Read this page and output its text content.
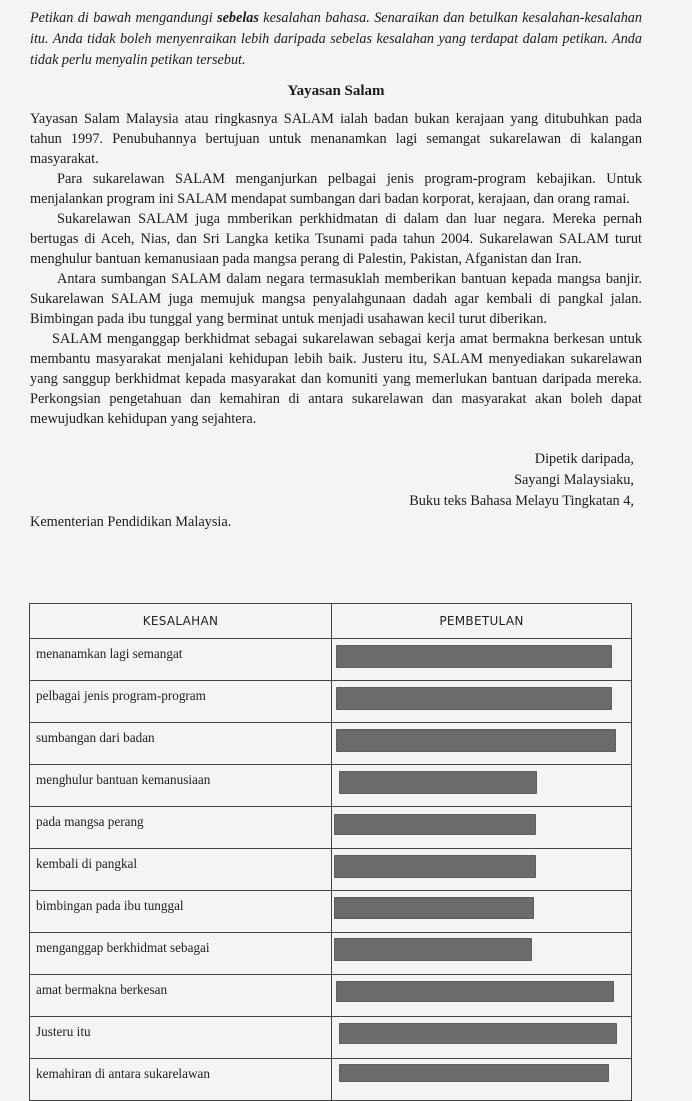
Petikan di bawah mengandungi sebelas kesalahan bahasa. Senaraikan dan betulkan kesalahan-kesalahan itu. Anda tidak boleh menyenraikan lebih daripada sebelas kesalahan yang terdapat dalam petikan. Anda tidak perlu menyalin petikan tersebut.

Yayasan Salam

Yayasan Salam Malaysia atau ringkasnya SALAM ialah badan bukan kerajaan yang ditubuhkan pada tahun 1997. Penubuhannya bertujuan untuk menanamkan lagi semangat sukarelawan di kalangan masyarakat.

Para sukarelawan SALAM menganjurkan pelbagai jenis program-program kebajikan. Untuk menjalankan program ini SALAM mendapat sumbangan dari badan korporat, kerajaan, dan orang ramai.

Sukarelawan SALAM juga mmberikan perkhidmatan di dalam dan luar negara. Mereka pernah bertugas di Aceh, Nias, dan Sri Langka ketika Tsunami pada tahun 2004. Sukarelawan SALAM turut menghulur bantuan kemanusiaan pada mangsa perang di Palestin, Pakistan, Afganistan dan Iran.

Antara sumbangan SALAM dalam negara termasuklah memberikan bantuan kepada mangsa banjir. Sukarelawan SALAM juga memujuk mangsa penyalahgunaan dadah agar kembali di pangkal jalan. Bimbingan pada ibu tunggal yang berminat untuk menjadi usahawan kecil turut diberikan.

SALAM menganggap berkhidmat sebagai sukarelawan sebagai kerja amat bermakna berkesan untuk membantu masyarakat menjalani kehidupan lebih baik. Justeru itu, SALAM menyediakan sukarelawan yang sanggup berkhidmat kepada masyarakat dan komuniti yang memerlukan bantuan daripada mereka. Perkongsian pengetahuan dan kemahiran di antara sukarelawan dan masyarakat akan boleh dapat mewujudkan kehidupan yang sejahtera.

Dipetik daripada,
Sayangi Malaysiaku,
Buku teks Bahasa Melayu Tingkatan 4,
Kementerian Pendidikan Malaysia.
KESALAHAN	PEMBETULAN
menanamkan lagi semangat	

pelbagai jenis program-program	

sumbangan dari badan	

menghulur bantuan kemanusiaan	

pada mangsa perang	

kembali di pangkal	

bimbingan pada ibu tunggal	

menganggap berkhidmat sebagai	

amat bermakna berkesan	

Justeru itu	

kemahiran di antara sukarelawan	
